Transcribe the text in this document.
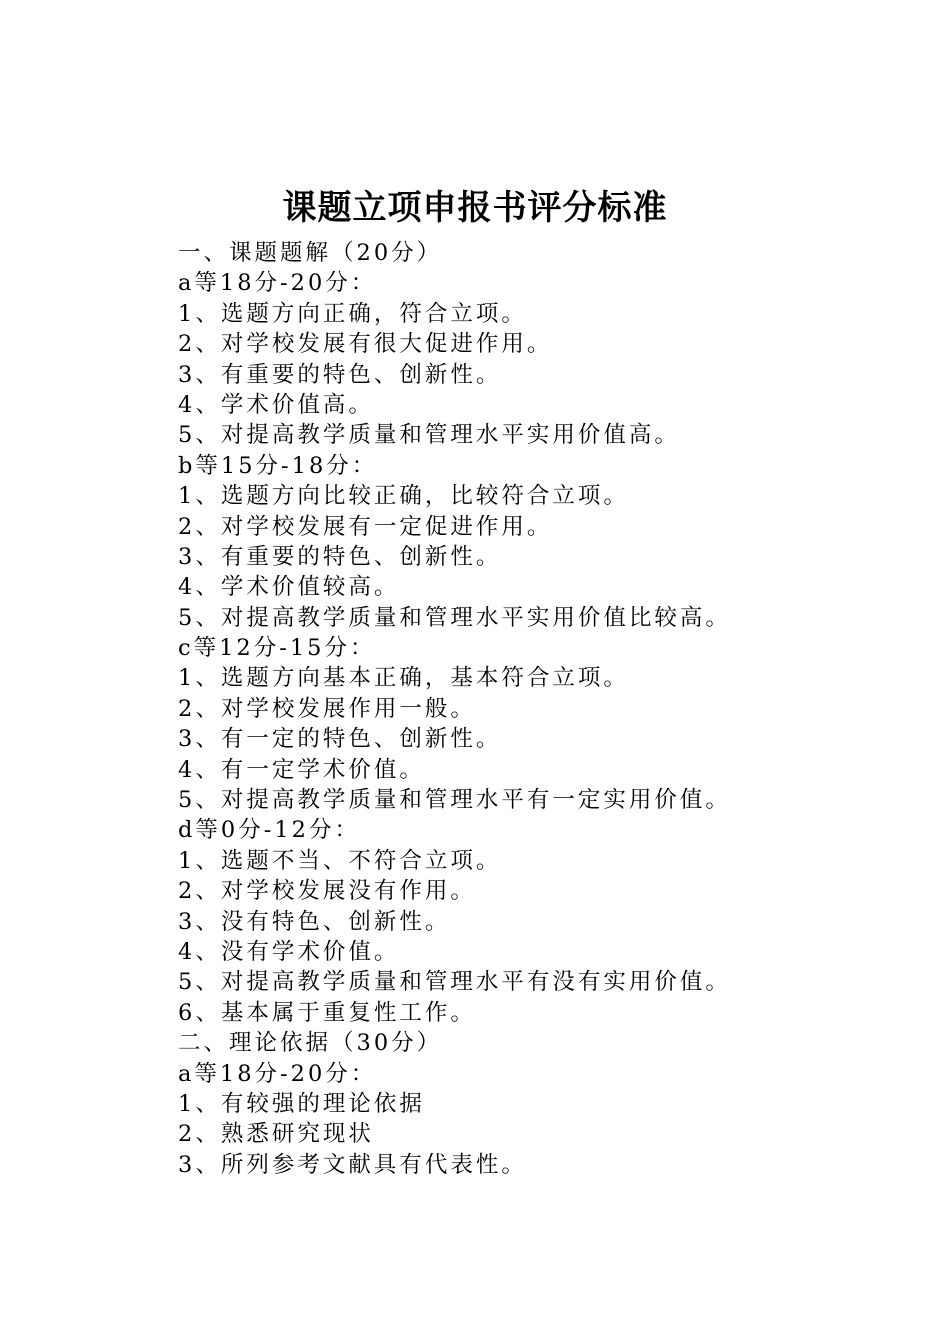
课题立项申报书评分标准
一、课题题解（20分）
a等18分-20分：
1、选题方向正确，符合立项。
2、对学校发展有很大促进作用。
3、有重要的特色、创新性。
4、学术价值高。
5、对提高教学质量和管理水平实用价值高。
b等15分-18分：
1、选题方向比较正确，比较符合立项。
2、对学校发展有一定促进作用。
3、有重要的特色、创新性。
4、学术价值较高。
5、对提高教学质量和管理水平实用价值比较高。
c等12分-15分：
1、选题方向基本正确，基本符合立项。
2、对学校发展作用一般。
3、有一定的特色、创新性。
4、有一定学术价值。
5、对提高教学质量和管理水平有一定实用价值。
d等0分-12分：
1、选题不当、不符合立项。
2、对学校发展没有作用。
3、没有特色、创新性。
4、没有学术价值。
5、对提高教学质量和管理水平有没有实用价值。
6、基本属于重复性工作。
二、理论依据（30分）
a等18分-20分：
1、有较强的理论依据
2、熟悉研究现状
3、所列参考文献具有代表性。
